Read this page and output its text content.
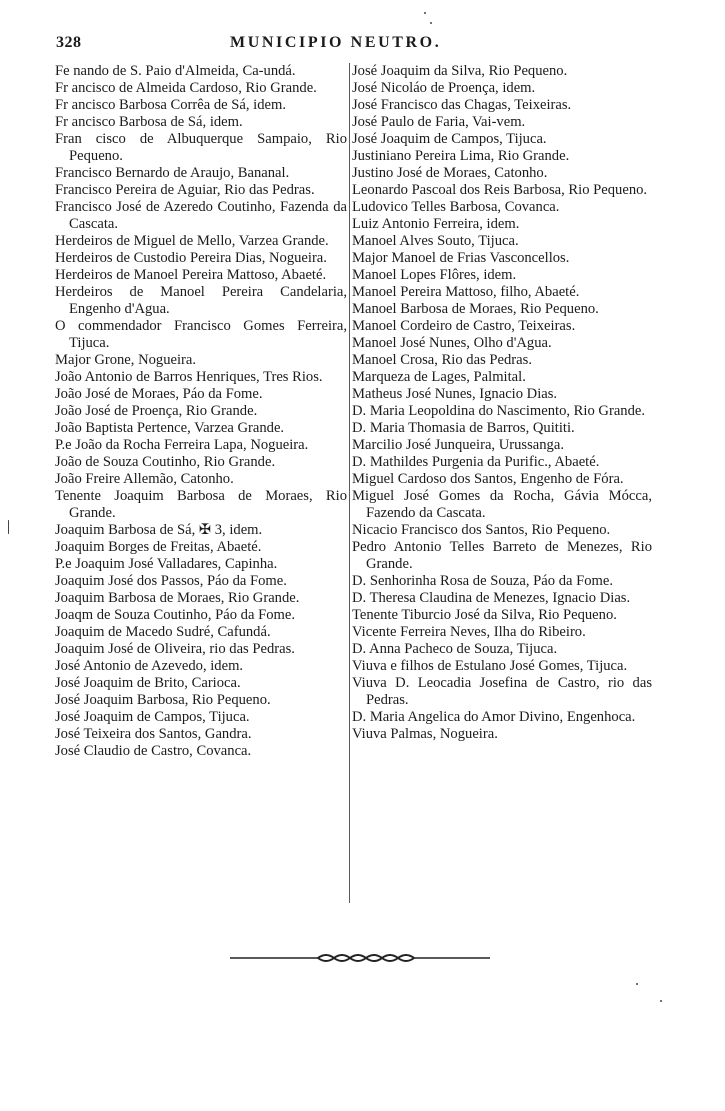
328	MUNICIPIO NEUTRO.

Fe nando de S. Paio d'Almeida, Ca-undá.

Fr ancisco de Almeida Cardoso, Rio Grande.

Fr ancisco Barbosa Corrêa de Sá, idem.

Fr ancisco Barbosa de Sá, idem.

Fran cisco de Albuquerque Sampaio, Rio Pequeno.

Francisco Bernardo de Araujo, Bananal.

Francisco Pereira de Aguiar, Rio das Pedras.

Francisco José de Azeredo Coutinho, Fazenda da Cascata.

Herdeiros de Miguel de Mello, Varzea Grande.

Herdeiros de Custodio Pereira Dias, Nogueira.

Herdeiros de Manoel Pereira Mattoso, Abaeté.

Herdeiros de Manoel Pereira Candelaria, Engenho d'Agua.

O commendador Francisco Gomes Ferreira, Tijuca.

Major Grone, Nogueira.

João Antonio de Barros Henriques, Tres Rios.

João José de Moraes, Páo da Fome.

João José de Proença, Rio Grande.

João Baptista Pertence, Varzea Grande.

P.e João da Rocha Ferreira Lapa, Nogueira.

João de Souza Coutinho, Rio Grande.

João Freire Allemão, Catonho.

Tenente Joaquim Barbosa de Moraes, Rio Grande.

Joaquim Barbosa de Sá, ✠ 3, idem.

Joaquim Borges de Freitas, Abaeté.

P.e Joaquim José Valladares, Capinha.

Joaquim José dos Passos, Páo da Fome.

Joaquim Barbosa de Moraes, Rio Grande.

Joaqm de Souza Coutinho, Páo da Fome.

Joaquim de Macedo Sudré, Cafundá.

Joaquim José de Oliveira, rio das Pedras.

José Antonio de Azevedo, idem.

José Joaquim de Brito, Carioca.

José Joaquim Barbosa, Rio Pequeno.

José Joaquim de Campos, Tijuca.

José Teixeira dos Santos, Gandra.

José Claudio de Castro, Covanca.

José Joaquim da Silva, Rio Pequeno.

José Nicoláo de Proença, idem.

José Francisco das Chagas, Teixeiras.

José Paulo de Faria, Vai-vem.

José Joaquim de Campos, Tijuca.

Justiniano Pereira Lima, Rio Grande.

Justino José de Moraes, Catonho.

Leonardo Pascoal dos Reis Barbosa, Rio Pequeno.

Ludovico Telles Barbosa, Covanca.

Luiz Antonio Ferreira, idem.

Manoel Alves Souto, Tijuca.

Major Manoel de Frias Vasconcellos.

Manoel Lopes Flôres, idem.

Manoel Pereira Mattoso, filho, Abaeté.

Manoel Barbosa de Moraes, Rio Pequeno.

Manoel Cordeiro de Castro, Teixeiras.

Manoel José Nunes, Olho d'Agua.

Manoel Crosa, Rio das Pedras.

Marqueza de Lages, Palmital.

Matheus José Nunes, Ignacio Dias.

D. Maria Leopoldina do Nascimento, Rio Grande.

D. Maria Thomasia de Barros, Quititi.

Marcilio José Junqueira, Urussanga.

D. Mathildes Purgenia da Purific., Abaeté.

Miguel Cardoso dos Santos, Engenho de Fóra.

Miguel José Gomes da Rocha, Gávia Mócca, Fazendo da Cascata.

Nicacio Francisco dos Santos, Rio Pequeno.

Pedro Antonio Telles Barreto de Menezes, Rio Grande.

D. Senhorinha Rosa de Souza, Páo da Fome.

D. Theresa Claudina de Menezes, Ignacio Dias.

Tenente Tiburcio José da Silva, Rio Pequeno.

Vicente Ferreira Neves, Ilha do Ribeiro.

D. Anna Pacheco de Souza, Tijuca.

Viuva e filhos de Estulano José Gomes, Tijuca.

Viuva D. Leocadia Josefina de Castro, rio das Pedras.

D. Maria Angelica do Amor Divino, Engenhoca.

Viuva Palmas, Nogueira.
